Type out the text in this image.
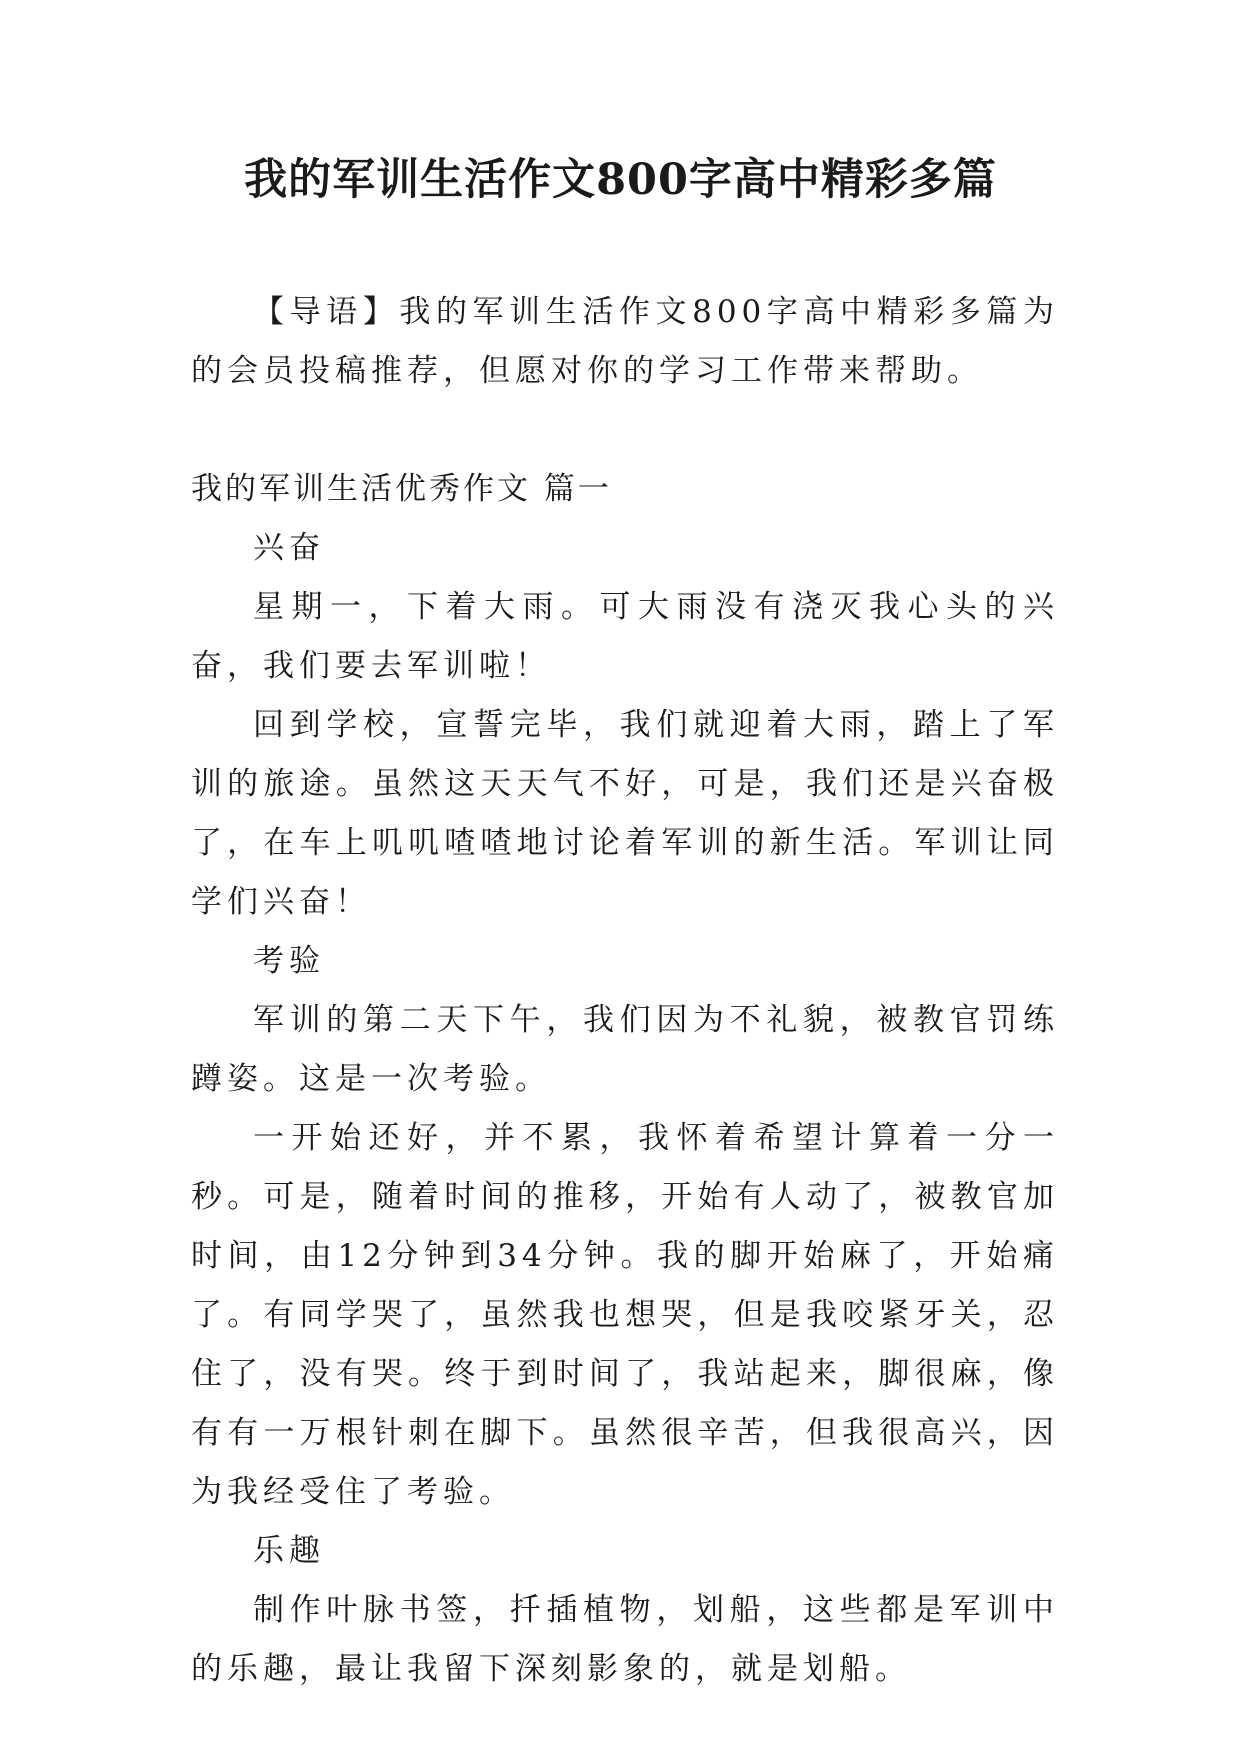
我的军训生活作文800字高中精彩多篇

【导语】我的军训生活作文800字高中精彩多篇为的会员投稿推荐，但愿对你的学习工作带来帮助。

我的军训生活优秀作文 篇一

兴奋

星期一，下着大雨。可大雨没有浇灭我心头的兴奋，我们要去军训啦！

回到学校，宣誓完毕，我们就迎着大雨，踏上了军训的旅途。虽然这天天气不好，可是，我们还是兴奋极了，在车上叽叽喳喳地讨论着军训的新生活。军训让同学们兴奋！

考验

军训的第二天下午，我们因为不礼貌，被教官罚练蹲姿。这是一次考验。

一开始还好，并不累，我怀着希望计算着一分一秒。可是，随着时间的推移，开始有人动了，被教官加时间，由12分钟到34分钟。我的脚开始麻了，开始痛了。有同学哭了，虽然我也想哭，但是我咬紧牙关，忍住了，没有哭。终于到时间了，我站起来，脚很麻，像有有一万根针刺在脚下。虽然很辛苦，但我很高兴，因为我经受住了考验。

乐趣

制作叶脉书签，扦插植物，划船，这些都是军训中的乐趣，最让我留下深刻影象的，就是划船。
